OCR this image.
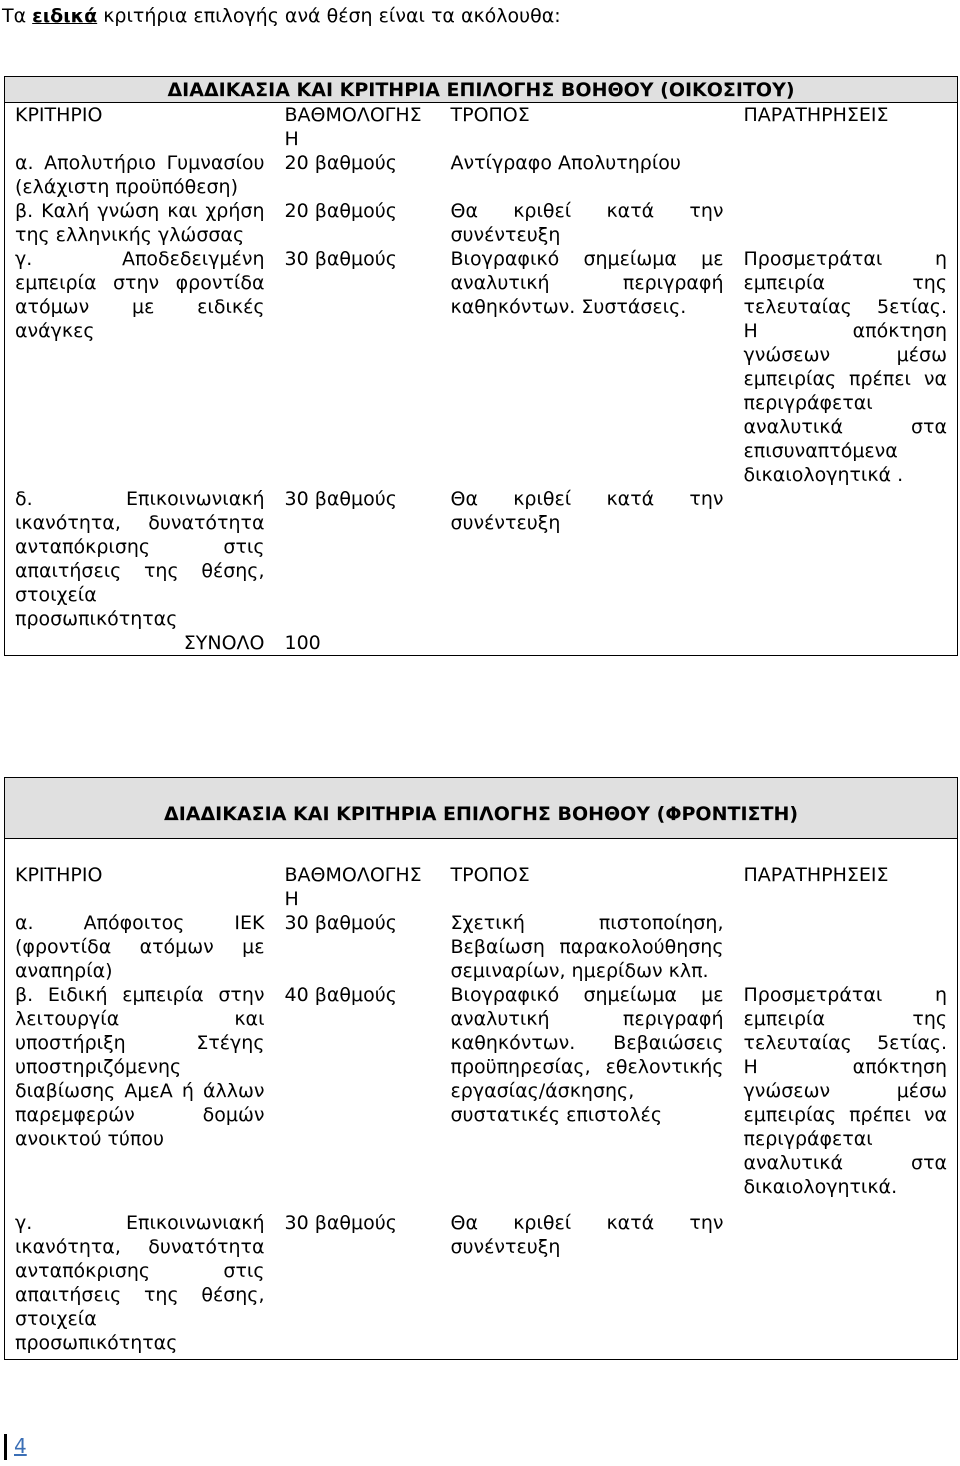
Τα ειδικά κριτήρια επιλογής ανά θέση είναι τα ακόλουθα:

ΔΙΑΔΙΚΑΣΙΑ ΚΑΙ ΚΡΙΤΗΡΙΑ ΕΠΙΛΟΓΗΣ ΒΟΗΘΟΥ (ΟΙΚΟΣΙΤΟΥ)			
ΚΡΙΤΗΡΙΟ	ΒΑΘΜΟΛΟΓΗΣΗ	ΤΡΟΠΟΣ	ΠΑΡΑΤΗΡΗΣΕΙΣ
α. Απολυτήριο Γυμνασίου (ελάχιστη προϋπόθεση)	20 βαθμούς	Αντίγραφο Απολυτηρίου	
β. Καλή γνώση και χρήση της ελληνικής γλώσσας	20 βαθμούς	Θα κριθεί κατά την συνέντευξη	
γ. Αποδεδειγμένη εμπειρία στην φροντίδα ατόμων με ειδικές ανάγκες	30 βαθμούς	Βιογραφικό σημείωμα με αναλυτική περιγραφή καθηκόντων. Συστάσεις.	Προσμετράται η εμπειρία της τελευταίας 5ετίας. Η απόκτηση γνώσεων μέσω εμπειρίας πρέπει να περιγράφεται αναλυτικά στα επισυναπτόμενα δικαιολογητικά .
δ. Επικοινωνιακή ικανότητα, δυνατότητα ανταπόκρισης στις απαιτήσεις της θέσης, στοιχεία προσωπικότητας	30 βαθμούς	Θα κριθεί κατά την συνέντευξη	
ΣΥΝΟΛΟ	100		
ΔΙΑΔΙΚΑΣΙΑ ΚΑΙ ΚΡΙΤΗΡΙΑ ΕΠΙΛΟΓΗΣ ΒΟΗΘΟΥ (ΦΡΟΝΤΙΣΤΗ)			
ΚΡΙΤΗΡΙΟ	ΒΑΘΜΟΛΟΓΗΣΗ	ΤΡΟΠΟΣ	ΠΑΡΑΤΗΡΗΣΕΙΣ
α. Απόφοιτος ΙΕΚ (φροντίδα ατόμων με αναπηρία)	30 βαθμούς	Σχετική πιστοποίηση, Βεβαίωση παρακολούθησης σεμιναρίων, ημερίδων κλπ.	
β. Ειδική εμπειρία στην λειτουργία και υποστήριξη Στέγης υποστηριζόμενης διαβίωσης ΑμεΑ ή άλλων παρεμφερών δομών ανοικτού τύπου	40 βαθμούς	Βιογραφικό σημείωμα με αναλυτική περιγραφή καθηκόντων. Βεβαιώσεις προϋπηρεσίας, εθελοντικής εργασίας/άσκησης, συστατικές επιστολές	Προσμετράται η εμπειρία της τελευταίας 5ετίας. Η απόκτηση γνώσεων μέσω εμπειρίας πρέπει να περιγράφεται αναλυτικά στα δικαιολογητικά.
γ. Επικοινωνιακή ικανότητα, δυνατότητα ανταπόκρισης στις απαιτήσεις της θέσης, στοιχεία προσωπικότητας	30 βαθμούς	Θα κριθεί κατά την συνέντευξη	
4
